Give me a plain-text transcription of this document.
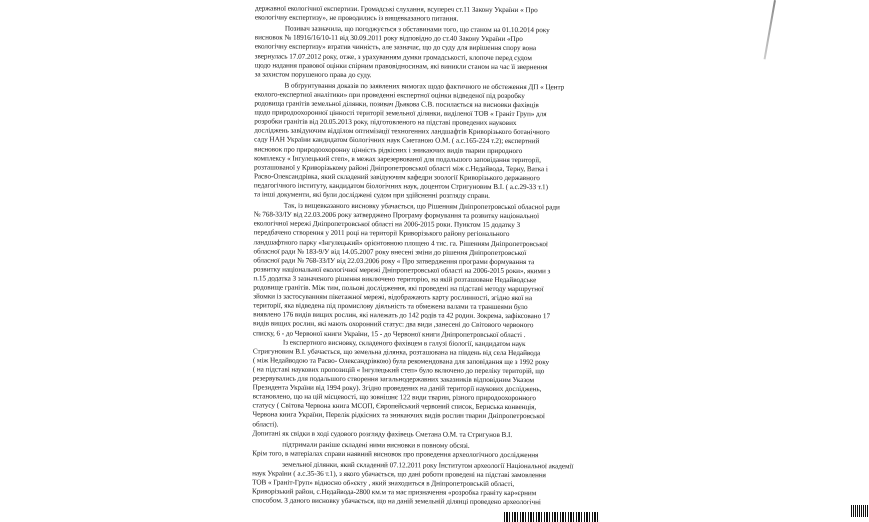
державної екологічної експертизи. Громадські слухання, всупереч ст.11 Закону України « Про
екологічну експертизу», не проводились із вищевказаного питання.
Позивач зазначила, що погоджується з обставинами того, що станом на 01.10.2014 року
висновок № 18916/16/10-11 від 30.09.2011 року відповідно до ст.40 Закону України «Про
екологічну експертизу» втратив чинність, але зазначає, що до суду для вирішення спору вона
звернулась 17.07.2012 року, отже, з урахуванням думки громадськості, клопоче перед судом
щодо надання правової оцінки спірним правовідносинам, які виникли станом на час її звернення
за захистом порушеного права до суду.
В обґрунтування доказів по заявлених вимогах щодо фактичного не обстеження ДП « Центр
еколого-експертної аналітики» при проведенні експертної оцінки відведеної під розробку
родовища гранітів земельної ділянки, позивач Дьякова С.В. посилається на висновки фахівців
щодо природоохоронної цінності території земельної ділянки, виділеної ТОВ « Граніт Груп» для
розробки гранітів від 20.05.2013 року, підготовленого на підставі проведених наукових
досліджень завідуючим відділом оптимізації техногенних ландшафтів Криворізького ботанічного
саду НАН України кандидатом біологічних наук Сметаною О.М. ( а.с.165-224 т.2); експертний
висновок про природоохоронну цінність рідкісних і зникаючих видів тварин природного
комплексу « Інгулецький степ», в межах зарезервованої для подальшого заповідання території,
розташованої у Криворізькому районі Дніпропетровської області між с.Недайвода, Терну, Ватка і
Расво-Олександрівка, який складений завідуючим кафедри зоології Криворізького державного
педагогічного інституту, кандидатом біологічних наук, доцентом Стригуновим В.І. ( а.с.29-33 т.1)
та інші документи, які були досліджені судом при здійсненні розгляду справи.
Так, із вищевказаного висновку убачається, що Рішенням Дніпропетровської обласної ради
№ 768-33/ІУ від 22.03.2006 року затверджено Програму формування та розвитку національної
екологічної мережі Дніпропетровської області на 2006-2015 роки. Пунктом 15 додатку 3
передбачено створення у 2011 році на території Криворізького району регіонального
ландшафтного парку «Інгулецький» орієнтовною площею 4 тис. га. Рішенням Дніпропетровської
обласної ради № 183-9/У від 14.05.2007 року внесені зміни до рішення Дніпропетровської
обласної ради № 768-33/ІУ від 22.03.2006 року « Про затвердження програми формування та
розвитку національної екологічної мережі Дніпропетровської області на 2006-2015 роки», якими з
п.15 додатка 3 зазначеного рішення виключено територію, на якій розташоване Недайводське
родовище гранітів. Між тим, польові дослідження, які проведені на підставі методу маршрутної
зйомки із застосуванням пікетажної мережі, відображають карту рослинності, згідно якої на
території, яка відведена під промислову діяльність та обмежена валами та траншеями було
виявлено 176 видів вищих рослин, які належать до 142 родів та 42 родин. Зокрема, зафіксовано 17
видів вищих рослин, які мають охоронний статус: два види ,занесені до Світового червоного
списку, 6 - до Червоної книги України, 15 - до Червоної книги Дніпропетровської області .
Із експертного висновку, складеного фахівцем в галузі біології, кандидатом наук
Стригуновим В.І. убачається, що земельна ділянка, розташована на південь від села Недайвода
( між Недайводою та Расво- Олександрівкою) була рекомендована для заповідання ще з 1992 року
( на підставі наукових пропозицій « Інгулецький степ» було включено до переліку територій, що
резервувались для подальшого створення загальнодержавних заказників відповідним Указом
Президента України від 1994 року). Згідно проведених на даній території наукових досліджень,
встановлено, що на цій місцевості, що зовнішнє 122 види тварин, різного природоохоронного
статусу ( Світова Червона книга МСОП, Європейський червоний список, Бернська конвенція,
Червона книга України, Перелік рідкісних та зникаючих видів рослин тварин Дніпропетровської
області).
Допитані як свідки в ході судового розгляду фахівець Сметана О.М. та Стригунов В.І.
підтримали раніше складені ними висновки в повному обсязі.
Крім того, в матеріалах справи наявний висновок про проведення археологічного дослідження
земельної ділянки, який складений 07.12.2011 року Інститутом археології Національної академії
наук України ( а.с.35-36 т.1), з якого убачається, що дані роботи проведені на підставі замовлення
ТОВ « Граніт-Груп» відносно об«єкту , який знаходиться в Дніпропетровській області,
Криворізький район, с.Недайвода-2800 км.м та має призначення «розробка граніту кар«єрним
способом. З даного висновку убачається, що на даній земельній ділянці проведено археологічні
